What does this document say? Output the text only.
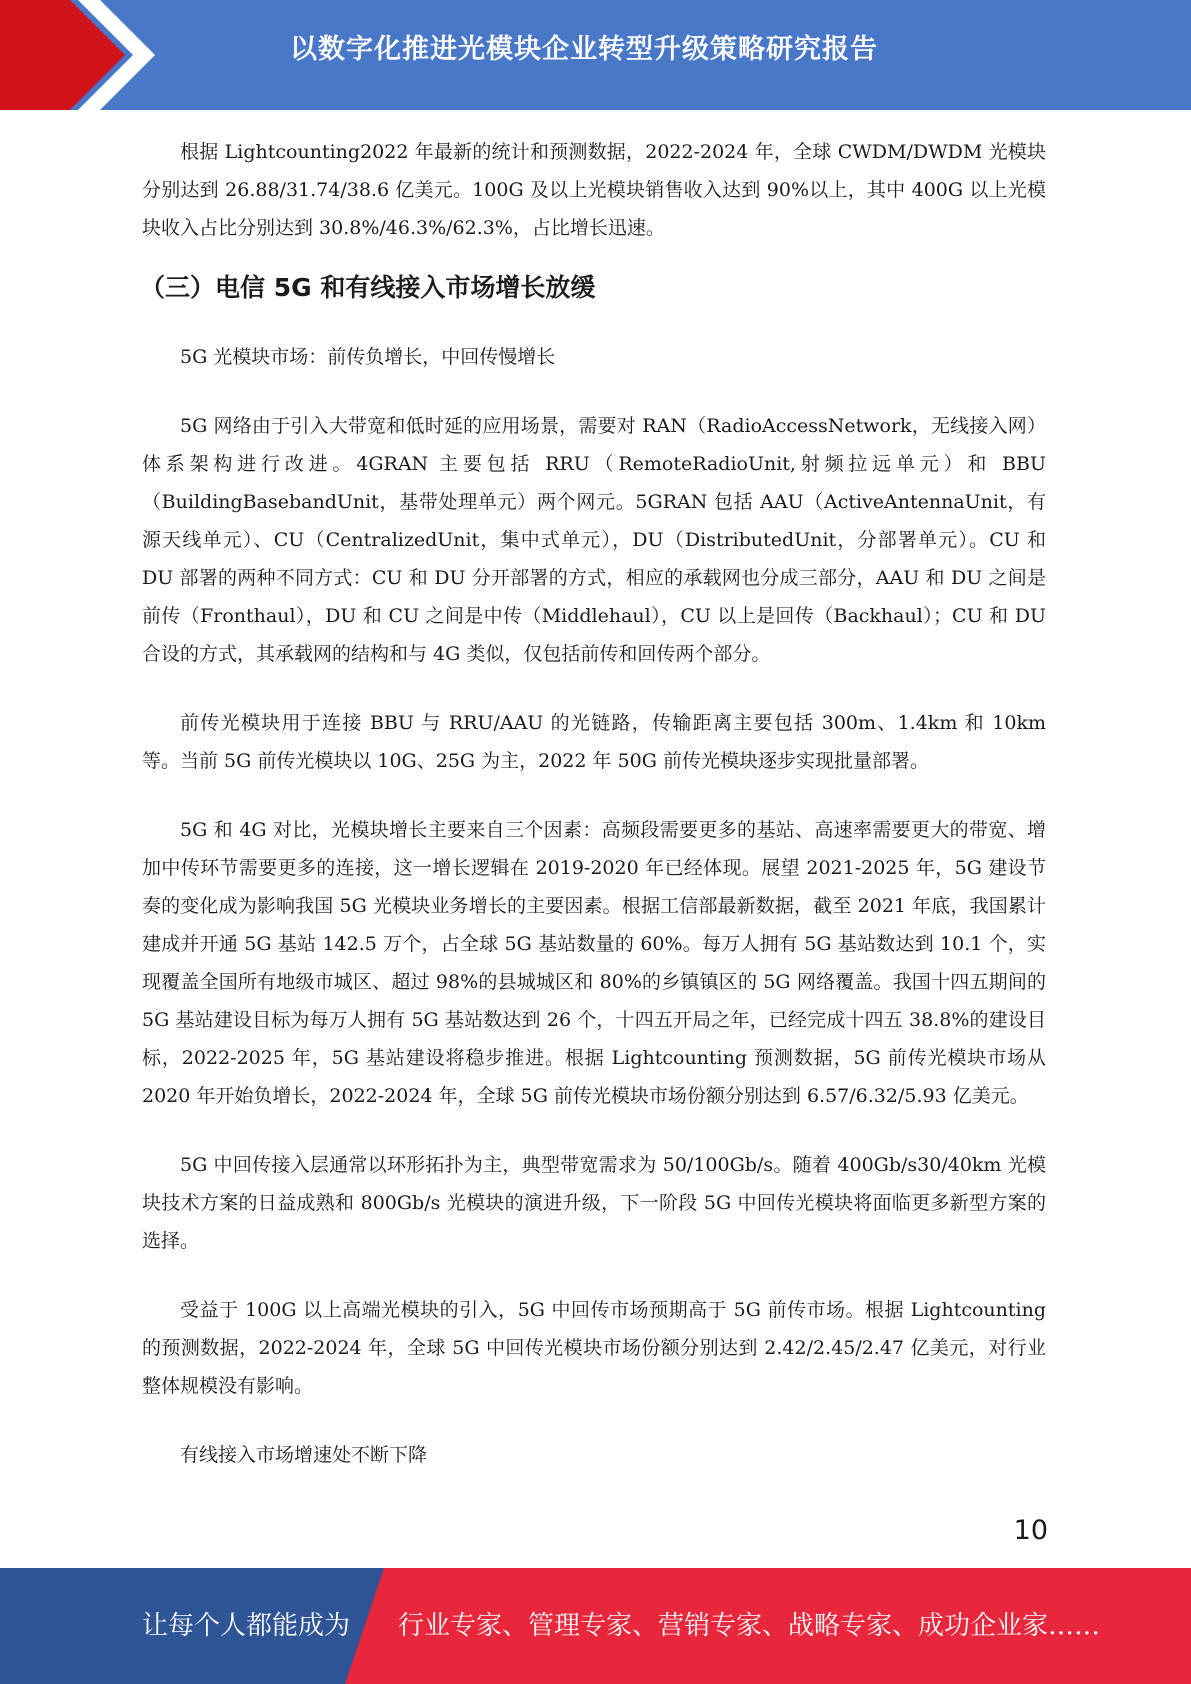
以数字化推进光模块企业转型升级策略研究报告

根据 Lightcounting2022 年最新的统计和预测数据，2022-2024 年，全球 CWDM/DWDM 光模块分别达到 26.88/31.74/38.6 亿美元。100G 及以上光模块销售收入达到 90%以上，其中 400G 以上光模块收入占比分别达到 30.8%/46.3%/62.3%，占比增长迅速。

（三）电信 5G 和有线接入市场增长放缓

5G 光模块市场：前传负增长，中回传慢增长

5G 网络由于引入大带宽和低时延的应用场景，需要对 RAN（RadioAccessNetwork，无线接入网）体系架构进行改进。4GRAN 主要包括 RRU（RemoteRadioUnit,射频拉远单元）和 BBU（BuildingBasebandUnit，基带处理单元）两个网元。5GRAN 包括 AAU（ActiveAntennaUnit，有源天线单元）、CU（CentralizedUnit，集中式单元），DU（DistributedUnit，分部署单元）。CU 和 DU 部署的两种不同方式：CU 和 DU 分开部署的方式，相应的承载网也分成三部分，AAU 和 DU 之间是前传（Fronthaul），DU 和 CU 之间是中传（Middlehaul），CU 以上是回传（Backhaul）；CU 和 DU 合设的方式，其承载网的结构和与 4G 类似，仅包括前传和回传两个部分。

前传光模块用于连接 BBU 与 RRU/AAU 的光链路，传输距离主要包括 300m、1.4km 和 10km 等。当前 5G 前传光模块以 10G、25G 为主，2022 年 50G 前传光模块逐步实现批量部署。

5G 和 4G 对比，光模块增长主要来自三个因素：高频段需要更多的基站、高速率需要更大的带宽、增加中传环节需要更多的连接，这一增长逻辑在 2019-2020 年已经体现。展望 2021-2025 年，5G 建设节奏的变化成为影响我国 5G 光模块业务增长的主要因素。根据工信部最新数据，截至 2021 年底，我国累计建成并开通 5G 基站 142.5 万个，占全球 5G 基站数量的 60%。每万人拥有 5G 基站数达到 10.1 个，实现覆盖全国所有地级市城区、超过 98%的县城城区和 80%的乡镇镇区的 5G 网络覆盖。我国十四五期间的 5G 基站建设目标为每万人拥有 5G 基站数达到 26 个，十四五开局之年，已经完成十四五 38.8%的建设目标，2022-2025 年，5G 基站建设将稳步推进。根据 Lightcounting 预测数据，5G 前传光模块市场从 2020 年开始负增长，2022-2024 年，全球 5G 前传光模块市场份额分别达到 6.57/6.32/5.93 亿美元。

5G 中回传接入层通常以环形拓扑为主，典型带宽需求为 50/100Gb/s。随着 400Gb/s30/40km 光模块技术方案的日益成熟和 800Gb/s 光模块的演进升级，下一阶段 5G 中回传光模块将面临更多新型方案的选择。

受益于 100G 以上高端光模块的引入，5G 中回传市场预期高于 5G 前传市场。根据 Lightcounting 的预测数据，2022-2024 年，全球 5G 中回传光模块市场份额分别达到 2.42/2.45/2.47 亿美元，对行业整体规模没有影响。

有线接入市场增速处不断下降

10
让每个人都能成为 行业专家、管理专家、营销专家、战略专家、成功企业家……
